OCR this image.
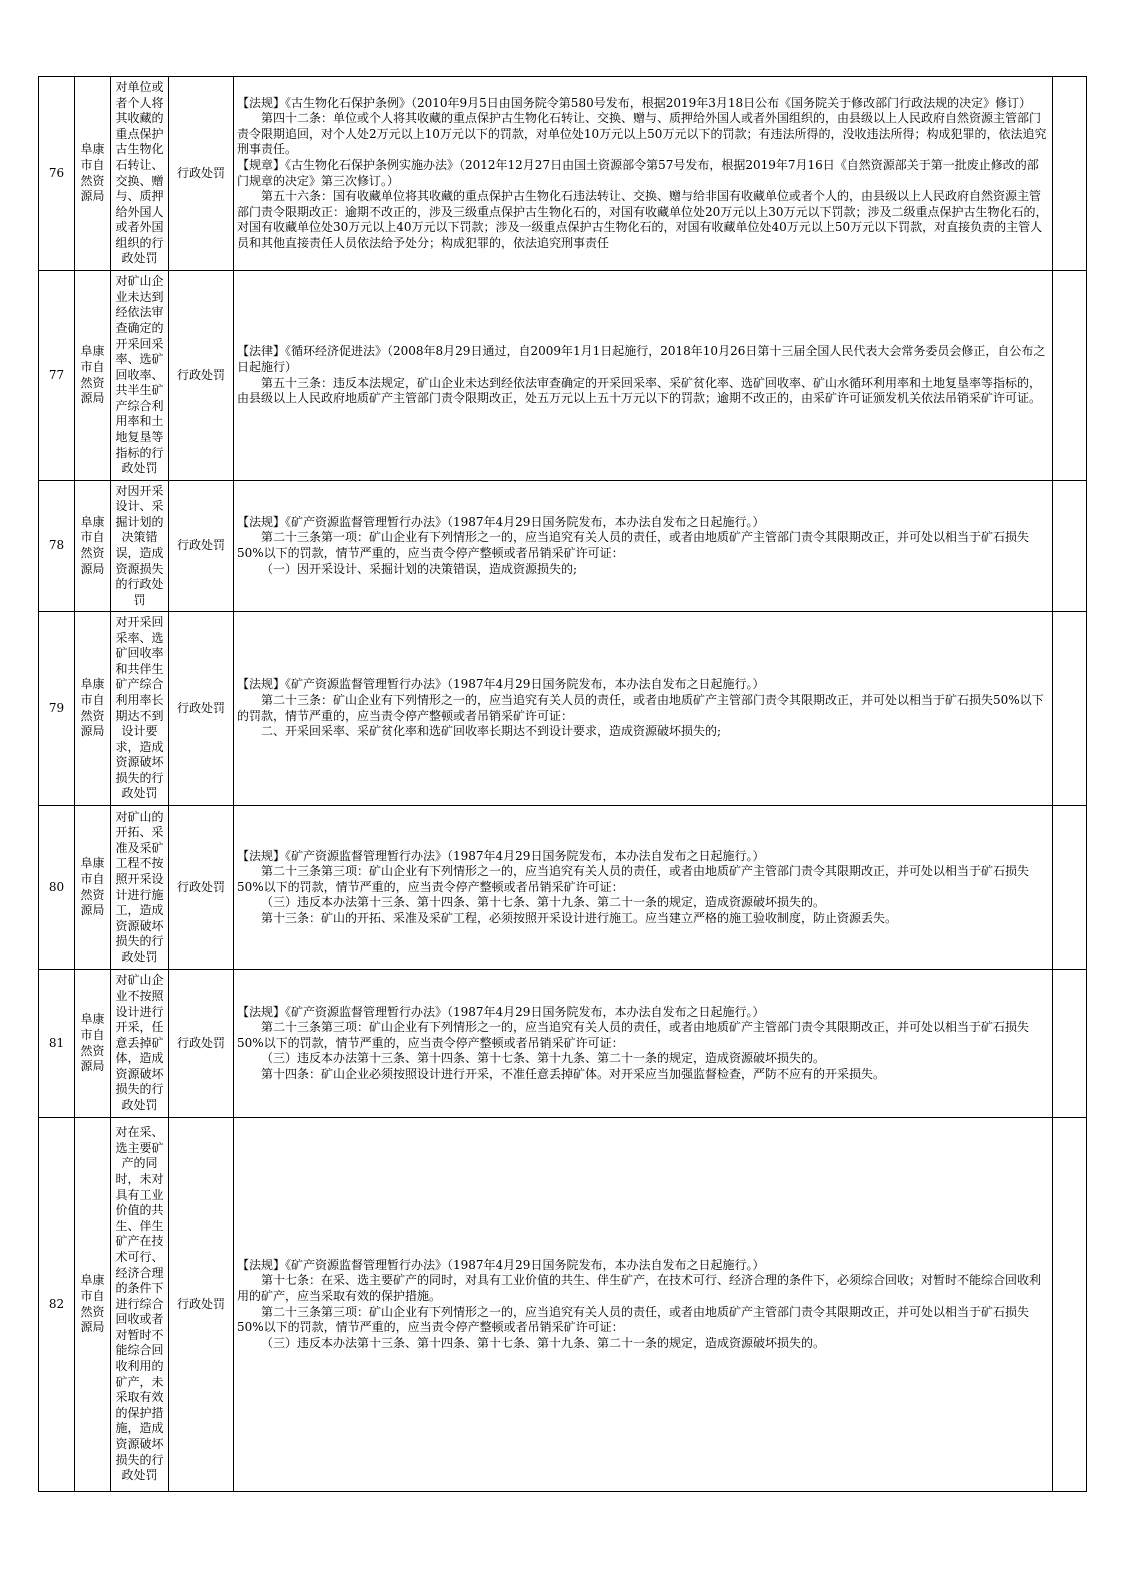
76	阜康市自然资源局	对单位或者个人将其收藏的重点保护古生物化石转让、交换、赠与、质押给外国人或者外国组织的行政处罚	行政处罚	【法规】《古生物化石保护条例》（2010年9月5日由国务院令第580号发布，根据2019年3月18日公布《国务院关于修改部门行政法规的决定》修订）
第四十二条：单位或个人将其收藏的重点保护古生物化石转让、交换、赠与、质押给外国人或者外国组织的，由县级以上人民政府自然资源主管部门责令限期追回，对个人处2万元以上10万元以下的罚款，对单位处10万元以上50万元以下的罚款；有违法所得的，没收违法所得；构成犯罪的，依法追究刑事责任。
【规章】《古生物化石保护条例实施办法》（2012年12月27日由国土资源部令第57号发布，根据2019年7月16日《自然资源部关于第一批废止修改的部门规章的决定》第三次修订。）
第五十六条：国有收藏单位将其收藏的重点保护古生物化石违法转让、交换、赠与给非国有收藏单位或者个人的，由县级以上人民政府自然资源主管部门责令限期改正：逾期不改正的，涉及三级重点保护古生物化石的，对国有收藏单位处20万元以上30万元以下罚款；涉及二级重点保护古生物化石的，对国有收藏单位处30万元以上40万元以下罚款；涉及一级重点保护古生物化石的，对国有收藏单位处40万元以上50万元以下罚款，对直接负责的主管人员和其他直接责任人员依法给予处分；构成犯罪的，依法追究刑事责任	

77	阜康市自然资源局	对矿山企业未达到经依法审查确定的开采回采率、选矿回收率、共半生矿产综合利用率和土地复垦等指标的行政处罚	行政处罚	【法律】《循环经济促进法》（2008年8月29日通过，自2009年1月1日起施行，2018年10月26日第十三届全国人民代表大会常务委员会修正，自公布之日起施行）
第五十三条：违反本法规定，矿山企业未达到经依法审查确定的开采回采率、采矿贫化率、选矿回收率、矿山水循环利用率和土地复垦率等指标的，由县级以上人民政府地质矿产主管部门责令限期改正，处五万元以上五十万元以下的罚款；逾期不改正的，由采矿许可证颁发机关依法吊销采矿许可证。	

78	阜康市自然资源局	对因开采设计、采掘计划的决策错误，造成资源损失的行政处罚	行政处罚	【法规】《矿产资源监督管理暂行办法》（1987年4月29日国务院发布，本办法自发布之日起施行。）
第二十三条第一项：矿山企业有下列情形之一的，应当追究有关人员的责任，或者由地质矿产主管部门责令其限期改正，并可处以相当于矿石损失50%以下的罚款，情节严重的，应当责令停产整顿或者吊销采矿许可证：
（一）因开采设计、采掘计划的决策错误，造成资源损失的;	

79	阜康市自然资源局	对开采回采率、选矿回收率和共伴生矿产综合利用率长期达不到设计要求，造成资源破坏损失的行政处罚	行政处罚	【法规】《矿产资源监督管理暂行办法》（1987年4月29日国务院发布，本办法自发布之日起施行。）
第二十三条：矿山企业有下列情形之一的，应当追究有关人员的责任，或者由地质矿产主管部门责令其限期改正，并可处以相当于矿石损失50%以下的罚款，情节严重的，应当责令停产整顿或者吊销采矿许可证：
二、开采回采率、采矿贫化率和选矿回收率长期达不到设计要求，造成资源破坏损失的;	

80	阜康市自然资源局	对矿山的开拓、采准及采矿工程不按照开采设计进行施工，造成资源破坏损失的行政处罚	行政处罚	【法规】《矿产资源监督管理暂行办法》（1987年4月29日国务院发布，本办法自发布之日起施行。）
第二十三条第三项：矿山企业有下列情形之一的，应当追究有关人员的责任，或者由地质矿产主管部门责令其限期改正，并可处以相当于矿石损失50%以下的罚款，情节严重的，应当责令停产整顿或者吊销采矿许可证：
（三）违反本办法第十三条、第十四条、第十七条、第十九条、第二十一条的规定，造成资源破坏损失的。
第十三条：矿山的开拓、采准及采矿工程，必须按照开采设计进行施工。应当建立严格的施工验收制度，防止资源丢失。	

81	阜康市自然资源局	对矿山企业不按照设计进行开采，任意丢掉矿体，造成资源破坏损失的行政处罚	行政处罚	【法规】《矿产资源监督管理暂行办法》（1987年4月29日国务院发布，本办法自发布之日起施行。）
第二十三条第三项：矿山企业有下列情形之一的，应当追究有关人员的责任，或者由地质矿产主管部门责令其限期改正，并可处以相当于矿石损失50%以下的罚款，情节严重的，应当责令停产整顿或者吊销采矿许可证：
（三）违反本办法第十三条、第十四条、第十七条、第十九条、第二十一条的规定，造成资源破坏损失的。
第十四条：矿山企业必须按照设计进行开采，不准任意丢掉矿体。对开采应当加强监督检查，严防不应有的开采损失。	

82	阜康市自然资源局	对在采、选主要矿产的同时，未对具有工业价值的共生、伴生矿产在技术可行、经济合理的条件下进行综合回收或者对暂时不能综合回收利用的矿产，未采取有效的保护措施，造成资源破坏损失的行政处罚	行政处罚	【法规】《矿产资源监督管理暂行办法》（1987年4月29日国务院发布，本办法自发布之日起施行。）
第十七条：在采、选主要矿产的同时，对具有工业价值的共生、伴生矿产，在技术可行、经济合理的条件下，必须综合回收；对暂时不能综合回收利用的矿产，应当采取有效的保护措施。
第二十三条第三项：矿山企业有下列情形之一的，应当追究有关人员的责任，或者由地质矿产主管部门责令其限期改正，并可处以相当于矿石损失50%以下的罚款，情节严重的，应当责令停产整顿或者吊销采矿许可证：
（三）违反本办法第十三条、第十四条、第十七条、第十九条、第二十一条的规定，造成资源破坏损失的。	
